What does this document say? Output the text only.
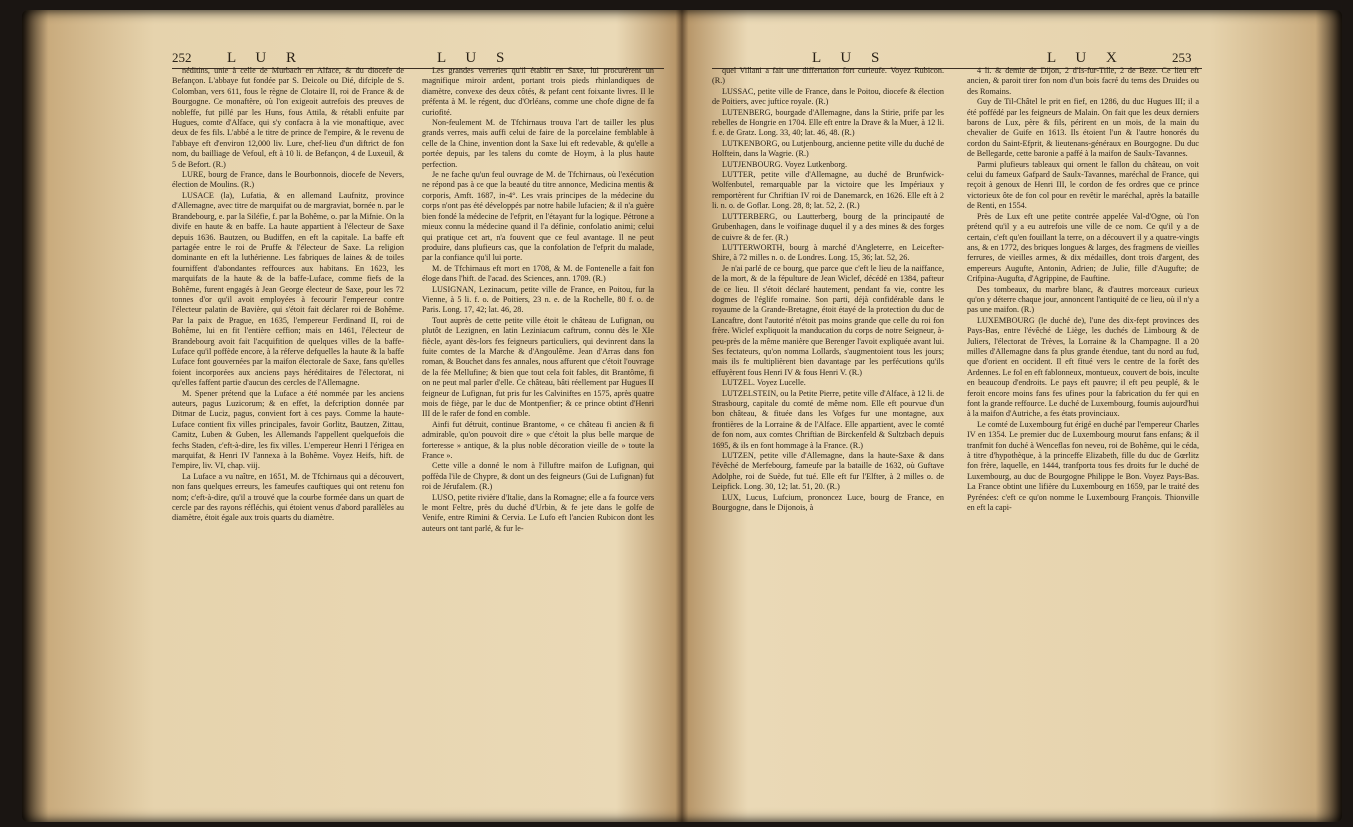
252 L U R	L U S

néditins, unie à celle de Murbach en Alface, & du diocefe de Befançon. L'abbaye fut fondée par S. Deicole ou Dié, difciple de S. Colomban, vers 611, fous le règne de Clotaire II, roi de France & de Bourgogne. Ce monaftère, où l'on exigeoit autrefois des preuves de nobleffe, fut pillé par les Huns, fous Attila, & rétabli enfuite par Hugues, comte d'Alface, qui s'y confacra à la vie monaftique, avec deux de fes fils. L'abbé a le titre de prince de l'empire, & le revenu de l'abbaye eft d'environ 12,000 liv. Lure, chef-lieu d'un diftrict de fon nom, du bailliage de Vefoul, eft à 10 li. de Befançon, 4 de Luxeuil, & 5 de Befort. (R.)

LURE, bourg de France, dans le Bourbonnois, diocefe de Nevers, élection de Moulins. (R.)

LUSACE (la), Lufatia, & en allemand Laufnitz, province d'Allemagne, avec titre de marquifat ou de margraviat, bornée n. par le Brandebourg, e. par la Siléfie, f. par la Bohême, o. par la Mifnie. On la divife en haute & en baffe. La haute appartient à l'électeur de Saxe depuis 1636. Bautzen, ou Budiffen, en eft la capitale. La baffe eft partagée entre le roi de Pruffe & l'électeur de Saxe. La religion dominante en eft la luthérienne. Les fabriques de laines & de toiles fourniffent d'abondantes reffources aux habitans. En 1623, les marquifats de la haute & de la baffe-Luface, comme fiefs de la Bohême, furent engagés à Jean George électeur de Saxe, pour les 72 tonnes d'or qu'il avoit employées à fecourir l'empereur contre l'électeur palatin de Bavière, qui s'étoit fait déclarer roi de Bohême. Par la paix de Prague, en 1635, l'empereur Ferdinand II, roi de Bohême, lui en fit l'entière ceffion; mais en 1461, l'électeur de Brandebourg avoit fait l'acquifition de quelques villes de la baffe-Luface qu'il poffède encore, à la réferve defquelles la haute & la baffe Luface font gouvernées par la maifon électorale de Saxe, fans qu'elles foient incorporées aux anciens pays héréditaires de l'électorat, ni qu'elles faffent partie d'aucun des cercles de l'Allemagne.

M. Spener prétend que la Luface a été nommée par les anciens auteurs, pagus Luzicorum; & en effet, la defcription donnée par Ditmar de Luciz, pagus, convient fort à ces pays. Comme la haute-Luface contient fix villes principales, favoir Gorlitz, Bautzen, Zittau, Camitz, Luben & Guben, les Allemands l'appellent quelquefois die fechs Staden, c'eft-à-dire, les fix villes. L'empereur Henri I l'érigea en marquifat, & Henri IV l'annexa à la Bohême. Voyez Heifs, hift. de l'empire, liv. VI, chap. viij.

La Luface a vu naître, en 1651, M. de Tfchirnaus qui a découvert, non fans quelques erreurs, les fameufes cauftiques qui ont retenu fon nom; c'eft-à-dire, qu'il a trouvé que la courbe formée dans un quart de cercle par des rayons réfléchis, qui étoient venus d'abord parallèles au diamètre, étoit égale aux trois quarts du diamètre.

Les grandes verreries qu'il établit en Saxe, lui procurèrent un magnifique miroir ardent, portant trois pieds rhinlandiques de diamètre, convexe des deux côtés, & pefant cent foixante livres. Il le préfenta à M. le régent, duc d'Orléans, comme une chofe digne de fa curiofité.

Non-feulement M. de Tfchirnaus trouva l'art de tailler les plus grands verres, mais auffi celui de faire de la porcelaine femblable à celle de la Chine, invention dont la Saxe lui eft redevable, & qu'elle a portée depuis, par les talens du comte de Hoym, à la plus haute perfection.

Je ne fache qu'un feul ouvrage de M. de Tfchirnaus, où l'exécution ne répond pas à ce que la beauté du titre annonce, Medicina mentis & corporis, Amft. 1687, in-4°. Les vrais principes de la médecine du corps n'ont pas été développés par notre habile lufacien; & il n'a guère bien fondé la médecine de l'efprit, en l'étayant fur la logique. Pétrone a mieux connu la médecine quand il l'a définie, confolatio animi; celui qui pratique cet art, n'a fouvent que ce feul avantage. Il ne peut produire, dans plufieurs cas, que la confolation de l'efprit du malade, par la confiance qu'il lui porte.

M. de Tfchirnaus eft mort en 1708, & M. de Fontenelle a fait fon éloge dans l'hift. de l'acad. des Sciences, ann. 1709. (R.)

LUSIGNAN, Lezinacum, petite ville de France, en Poitou, fur la Vienne, à 5 li. f. o. de Poitiers, 23 n. e. de la Rochelle, 80 f. o. de Paris. Long. 17, 42; lat. 46, 28.

Tout auprès de cette petite ville étoit le château de Lufignan, ou plutôt de Lezignen, en latin Leziniacum caftrum, connu dès le XIe fiècle, ayant dès-lors fes feigneurs particuliers, qui devinrent dans la fuite comtes de la Marche & d'Angoulême. Jean d'Arras dans fon roman, & Bouchet dans fes annales, nous affurent que c'étoit l'ouvrage de la fée Mellufine; & bien que tout cela foit fables, dit Brantôme, fi on ne peut mal parler d'elle. Ce château, bâti réellement par Hugues II feigneur de Lufignan, fut pris fur les Calviniftes en 1575, après quatre mois de fiège, par le duc de Montpenfier; & ce prince obtint d'Henri III de le rafer de fond en comble.

Ainfi fut détruit, continue Brantome, « ce château fi ancien & fi admirable, qu'on pouvoit dire » que c'étoit la plus belle marque de forteresse » antique, & la plus noble décoration vieille de » toute la France ».

Cette ville a donné le nom à l'illuftre maifon de Lufignan, qui poffèda l'ile de Chypre, & dont un des feigneurs (Gui de Lufignan) fut roi de Jérufalem. (R.)

LUSO, petite rivière d'Italie, dans la Romagne; elle a fa fource vers le mont Feltre, près du duché d'Urbin, & fe jete dans le golfe de Venife, entre Rimini & Cervia. Le Lufo eft l'ancien Rubicon dont les auteurs ont tant parlé, & fur le-

L U S	L U X	253

quel Villani a fait une differtation fort curieufe. Voyez Rubicon. (R.)

LUSSAC, petite ville de France, dans le Poitou, diocefe & élection de Poitiers, avec juftice royale. (R.)

LUTENBERG, bourgade d'Allemagne, dans la Stirie, prife par les rebelles de Hongrie en 1704. Elle eft entre la Drave & la Muer, à 12 li. f. e. de Gratz. Long. 33, 40; lat. 46, 48. (R.)

LUTKENBORG, ou Lutjenbourg, ancienne petite ville du duché de Holftein, dans la Wagrie. (R.)

LUTJENBOURG. Voyez Lutkenborg.

LUTTER, petite ville d'Allemagne, au duché de Brunfwick-Wolfenbutel, remarquable par la victoire que les Impériaux y remportèrent fur Chriftian IV roi de Danemarck, en 1626. Elle eft à 2 li. n. o. de Goflar. Long. 28, 8; lat. 52, 2. (R.)

LUTTERBERG, ou Lautterberg, bourg de la principauté de Grubenhagen, dans le voifinage duquel il y a des mines & des forges de cuivre & de fer. (R.)

LUTTERWORTH, bourg à marché d'Angleterre, en Leicefter-Shire, à 72 milles n. o. de Londres. Long. 15, 36; lat. 52, 26.

Je n'ai parlé de ce bourg, que parce que c'eft le lieu de la naiffance, de la mort, & de la fépulture de Jean Wiclef, décédé en 1384, pafteur de ce lieu. Il s'étoit déclaré hautement, pendant fa vie, contre les dogmes de l'églife romaine. Son parti, déjà confidérable dans le royaume de la Grande-Bretagne, étoit étayé de la protection du duc de Lancaftre, dont l'autorité n'étoit pas moins grande que celle du roi fon frère. Wiclef expliquoit la manducation du corps de notre Seigneur, à-peu-près de la même manière que Berenger l'avoit expliquée avant lui. Ses fectateurs, qu'on nomma Lollards, s'augmentoient tous les jours; mais ils fe multiplièrent bien davantage par les perfécutions qu'ils effuyèrent fous Henri IV & fous Henri V. (R.)

LUTZEL. Voyez Lucelle.

LUTZELSTEIN, ou la Petite Pierre, petite ville d'Alface, à 12 li. de Strasbourg, capitale du comté de même nom. Elle eft pourvue d'un bon château, & fituée dans les Vofges fur une montagne, aux frontières de la Lorraine & de l'Alface. Elle appartient, avec le comté de fon nom, aux comtes Chriftian de Birckenfeld & Sultzbach depuis 1695, & ils en font hommage à la France. (R.)

LUTZEN, petite ville d'Allemagne, dans la haute-Saxe & dans l'évêché de Merfebourg, fameufe par la bataille de 1632, où Guftave Adolphe, roi de Suède, fut tué. Elle eft fur l'Elfter, à 2 milles o. de Leipfick. Long. 30, 12; lat. 51, 20. (R.)

LUX, Lucus, Lufcium, prononcez Luce, bourg de France, en Bourgogne, dans le Dijonois, à

4 li. & demie de Dijon, 2 d'Is-fur-Tille, 2 de Beze. Ce lieu eft ancien, & paroit tirer fon nom d'un bois facré du tems des Druides ou des Romains.

Guy de Til-Châtel le prit en fief, en 1286, du duc Hugues III; il a été poffédé par les feigneurs de Malain. On fait que les deux derniers barons de Lux, père & fils, périrent en un mois, de la main du chevalier de Guife en 1613. Ils étoient l'un & l'autre honorés du cordon du Saint-Efprit, & lieutenans-généraux en Bourgogne. Du duc de Bellegarde, cette baronie a paffé à la maifon de Saulx-Tavannes.

Parmi plufieurs tableaux qui ornent le fallon du château, on voit celui du fameux Gafpard de Saulx-Tavannes, maréchal de France, qui reçoit à genoux de Henri III, le cordon de fes ordres que ce prince victorieux ôte de fon col pour en revêtir le maréchal, après la bataille de Renti, en 1554.

Près de Lux eft une petite contrée appelée Val-d'Ogne, où l'on prétend qu'il y a eu autrefois une ville de ce nom. Ce qu'il y a de certain, c'eft qu'en fouillant la terre, on a découvert il y a quatre-vingts ans, & en 1772, des briques longues & larges, des fragmens de vieilles ferrures, de vieilles armes, & dix médailles, dont trois d'argent, des empereurs Augufte, Antonin, Adrien; de Julie, fille d'Augufte; de Crifpina-Augufta, d'Agrippine, de Fauftine.

Des tombeaux, du marbre blanc, & d'autres morceaux curieux qu'on y déterre chaque jour, annoncent l'antiquité de ce lieu, où il n'y a pas une maifon. (R.)

LUXEMBOURG (le duché de), l'une des dix-fept provinces des Pays-Bas, entre l'évêché de Liège, les duchés de Limbourg & de Juliers, l'électorat de Trèves, la Lorraine & la Champagne. Il a 20 milles d'Allemagne dans fa plus grande étendue, tant du nord au fud, que d'orient en occident. Il eft fitué vers le centre de la forêt des Ardennes. Le fol en eft fablonneux, montueux, couvert de bois, inculte en beaucoup d'endroits. Le pays eft pauvre; il eft peu peuplé, & le feroit encore moins fans fes ufines pour la fabrication du fer qui en font la grande reffource. Le duché de Luxembourg, foumis aujourd'hui à la maifon d'Autriche, a fes états provinciaux.

Le comté de Luxembourg fut érigé en duché par l'empereur Charles IV en 1354. Le premier duc de Luxembourg mourut fans enfans; & il tranfmit fon duché à Wenceflas fon neveu, roi de Bohême, qui le céda, à titre d'hypothèque, à la princeffe Elizabeth, fille du duc de Gœrlitz fon frère, laquelle, en 1444, tranfporta tous fes droits fur le duché de Luxembourg, au duc de Bourgogne Philippe le Bon. Voyez Pays-Bas. La France obtint une lifière du Luxembourg en 1659, par le traité des Pyrénées: c'eft ce qu'on nomme le Luxembourg François. Thionville en eft la capi-
